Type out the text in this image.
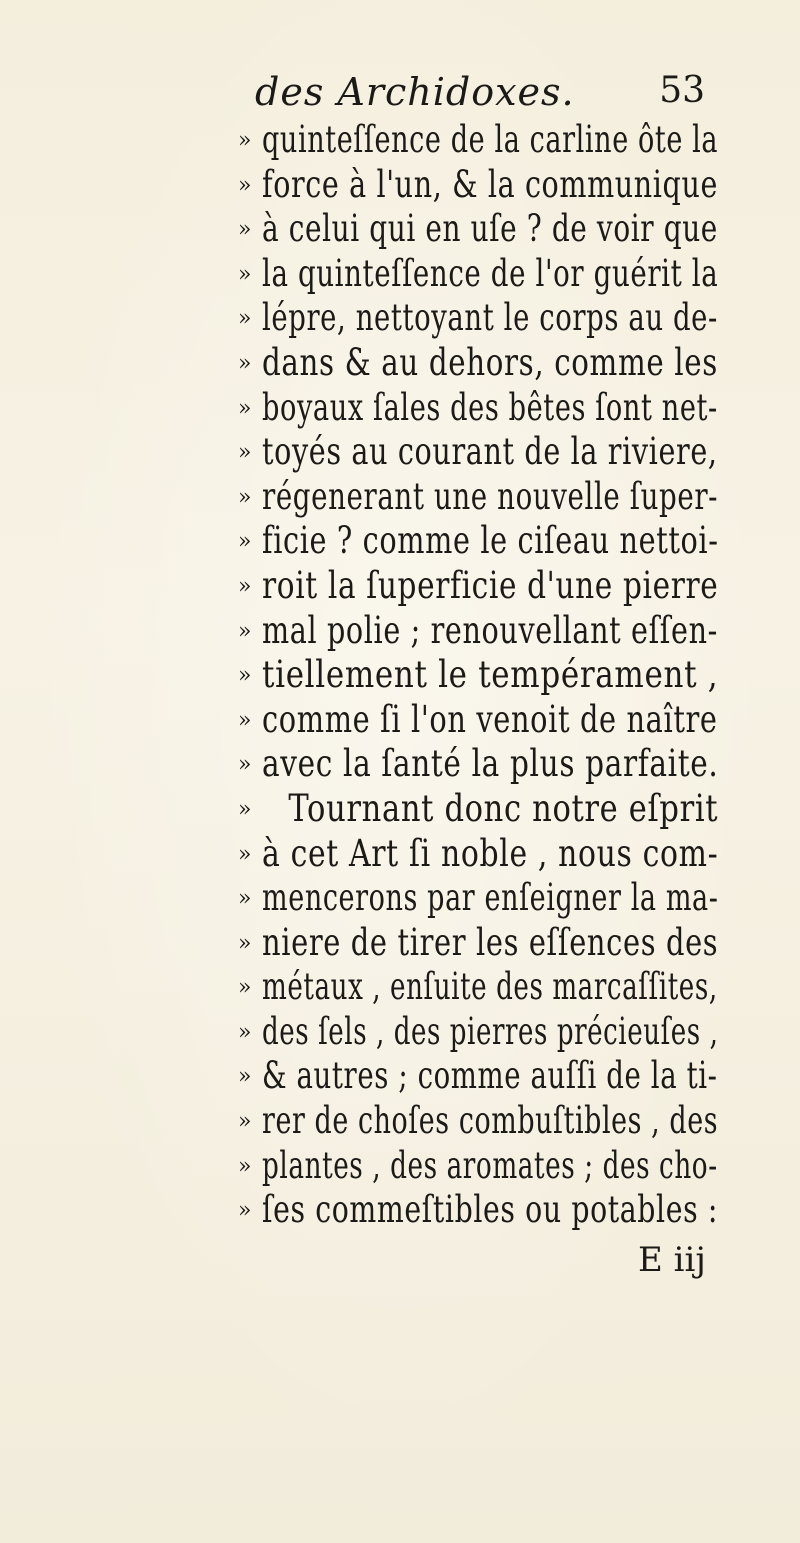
des Archidoxes. 53
» quinteſſence de la carline ôte la
» force à l'un, & la communique
» à celui qui en uſe ? de voir que
» la quinteſſence de l'or guérit la
» lépre, nettoyant le corps au de-
» dans & au dehors, comme les
» boyaux ſales des bêtes ſont net-
» toyés au courant de la riviere,
» régenerant une nouvelle ſuper-
» ficie ? comme le ciſeau nettoi-
» roit la ſuperficie d'une pierre
» mal polie ; renouvellant eſſen-
» tiellement le tempérament ,
» comme ſi l'on venoit de naître
» avec la ſanté la plus parfaite.
» Tournant donc notre eſprit
» à cet Art ſi noble , nous com-
» mencerons par enſeigner la ma-
» niere de tirer les eſſences des
» métaux , enſuite des marcaſſites,
» des ſels , des pierres précieuſes ,
» & autres ; comme auſſi de la ti-
» rer de choſes combuſtibles , des
» plantes , des aromates ; des cho-
» ſes commeſtibles ou potables :
E iij
